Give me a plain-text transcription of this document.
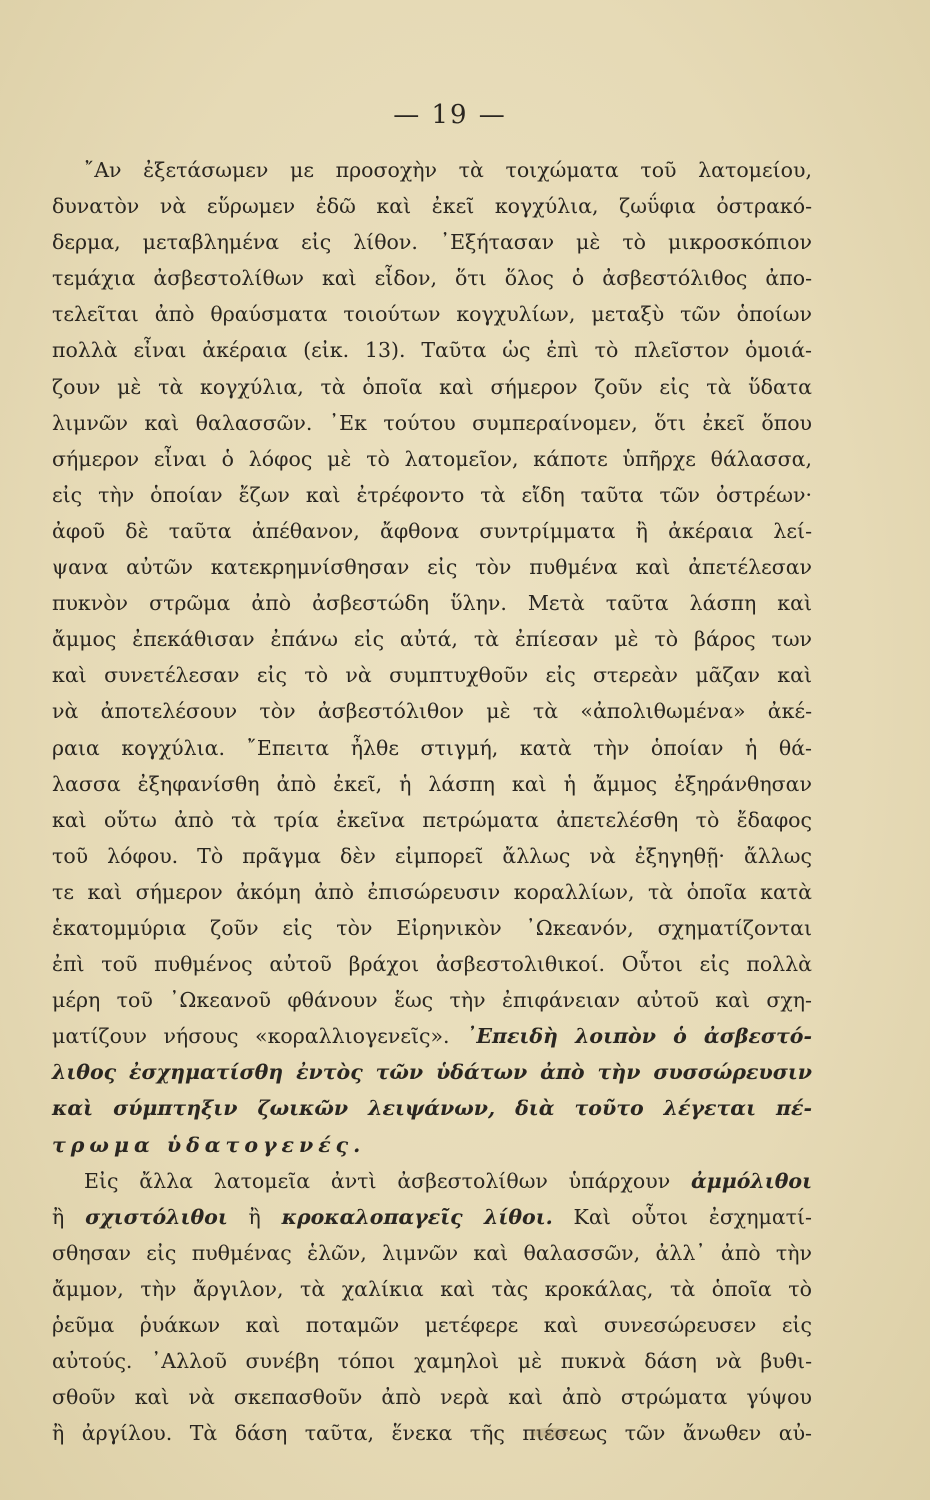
— 19 —
῎Αν ἐξετάσωμεν με προσοχὴν τὰ τοιχώματα τοῦ λατομείου,
δυνατὸν νὰ εὕρωμεν ἐδῶ καὶ ἐκεῖ κογχύλια, ζωΰφια ὀστρακό-
δερμα, μεταβλημένα εἰς λίθον. ᾿Εξήτασαν μὲ τὸ μικροσκόπιον
τεμάχια ἀσβεστολίθων καὶ εἶδον, ὅτι ὅλος ὁ ἀσβεστόλιθος ἀπο-
τελεῖται ἀπὸ θραύσματα τοιούτων κογχυλίων, μεταξὺ τῶν ὁποίων
πολλὰ εἶναι ἀκέραια (εἰκ. 13). Ταῦτα ὡς ἐπὶ τὸ πλεῖστον ὁμοιά-
ζουν μὲ τὰ κογχύλια, τὰ ὁποῖα καὶ σήμερον ζοῦν εἰς τὰ ὕδατα
λιμνῶν καὶ θαλασσῶν. ᾿Εκ τούτου συμπεραίνομεν, ὅτι ἐκεῖ ὅπου
σήμερον εἶναι ὁ λόφος μὲ τὸ λατομεῖον, κάποτε ὑπῆρχε θάλασσα,
εἰς τὴν ὁποίαν ἔζων καὶ ἐτρέφοντο τὰ εἴδη ταῦτα τῶν ὀστρέων·
ἀφοῦ δὲ ταῦτα ἀπέθανον, ἄφθονα συντρίμματα ἢ ἀκέραια λεί-
ψανα αὐτῶν κατεκρημνίσθησαν εἰς τὸν πυθμένα καὶ ἀπετέλεσαν
πυκνὸν στρῶμα ἀπὸ ἀσβεστώδη ὕλην. Μετὰ ταῦτα λάσπη καὶ
ἄμμος ἐπεκάθισαν ἐπάνω εἰς αὐτά, τὰ ἐπίεσαν μὲ τὸ βάρος των
καὶ συνετέλεσαν εἰς τὸ νὰ συμπτυχθοῦν εἰς στερεὰν μᾶζαν καὶ
νὰ ἀποτελέσουν τὸν ἀσβεστόλιθον μὲ τὰ «ἀπολιθωμένα» ἀκέ-
ραια κογχύλια. ῎Επειτα ἦλθε στιγμή, κατὰ τὴν ὁποίαν ἡ θά-
λασσα ἐξηφανίσθη ἀπὸ ἐκεῖ, ἡ λάσπη καὶ ἡ ἄμμος ἐξηράνθησαν
καὶ οὕτω ἀπὸ τὰ τρία ἐκεῖνα πετρώματα ἀπετελέσθη τὸ ἔδαφος
τοῦ λόφου. Τὸ πρᾶγμα δὲν εἰμπορεῖ ἄλλως νὰ ἐξηγηθῇ· ἄλλως
τε καὶ σήμερον ἀκόμη ἀπὸ ἐπισώρευσιν κοραλλίων, τὰ ὁποῖα κατὰ
ἑκατομμύρια ζοῦν εἰς τὸν Εἰρηνικὸν ᾿Ωκεανόν, σχηματίζονται
ἐπὶ τοῦ πυθμένος αὐτοῦ βράχοι ἀσβεστολιθικοί. Οὗτοι εἰς πολλὰ
μέρη τοῦ ᾿Ωκεανοῦ φθάνουν ἕως τὴν ἐπιφάνειαν αὐτοῦ καὶ σχη-
ματίζουν νήσους «κοραλλιογενεῖς». ᾿Επειδὴ λοιπὸν ὁ ἀσβεστό-
λιθος ἐσχηματίσθη ἐντὸς τῶν ὑδάτων ἀπὸ τὴν συσσώρευσιν
καὶ σύμπτηξιν ζωικῶν λειψάνων, διὰ τοῦτο λέγεται πέ-
τρωμα ὑδατογενές.
Εἰς ἄλλα λατομεῖα ἀντὶ ἀσβεστολίθων ὑπάρχουν ἀμμόλιθοι
ἢ σχιστόλιθοι ἢ κροκαλοπαγεῖς λίθοι. Καὶ οὗτοι ἐσχηματί-
σθησαν εἰς πυθμένας ἑλῶν, λιμνῶν καὶ θαλασσῶν, ἀλλ᾿ ἀπὸ τὴν
ἄμμον, τὴν ἄργιλον, τὰ χαλίκια καὶ τὰς κροκάλας, τὰ ὁποῖα τὸ
ῥεῦμα ῥυάκων καὶ ποταμῶν μετέφερε καὶ συνεσώρευσεν εἰς
αὐτούς. ᾿Αλλοῦ συνέβη τόποι χαμηλοὶ μὲ πυκνὰ δάση νὰ βυθι-
σθοῦν καὶ νὰ σκεπασθοῦν ἀπὸ νερὰ καὶ ἀπὸ στρώματα γύψου
ἢ ἀργίλου. Τὰ δάση ταῦτα, ἕνεκα τῆς πιέσεως τῶν ἄνωθεν αὐ-
